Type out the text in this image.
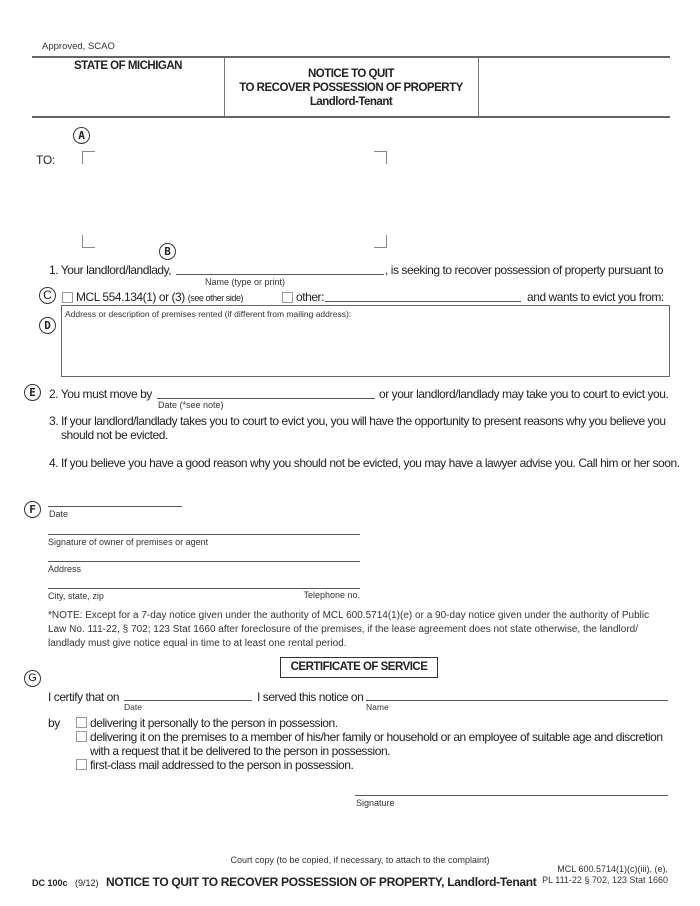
Approved, SCAO
STATE OF MICHIGAN
NOTICE TO QUIT
TO RECOVER POSSESSION OF PROPERTY
Landlord-Tenant
A
TO:
B
1. Your landlord/landlady,
Name (type or print)
, is seeking to recover possession of property pursuant to
C	MCL 554.134(1) or (3) (see other side)	other:	and wants to evict you from:
D
Address or description of premises rented (if different from mailing address):
E	2. You must move by
Date (*see note)
or your landlord/landlady may take you to court to evict you.
3. If your landlord/landlady takes you to court to evict you, you will have the opportunity to present reasons why you believe you
should not be evicted.
4. If you believe you have a good reason why you should not be evicted, you may have a lawyer advise you. Call him or her soon.
F	Date
Signature of owner of premises or agent
Address
City, state, zip	Telephone no.
*NOTE: Except for a 7-day notice given under the authority of MCL 600.5714(1)(e) or a 90-day notice given under the authority of Public
Law No. 111-22, § 702; 123 Stat 1660 after foreclosure of the premises, if the lease agreement does not state otherwise, the landlord/
landlady must give notice equal in time to at least one rental period.
CERTIFICATE OF SERVICE
G
I certify that on
Date
I served this notice on
Name
by	delivering it personally to the person in possession.
delivering it on the premises to a member of his/her family or household or an employee of suitable age and discretion
with a request that it be delivered to the person in possession.
first-class mail addressed to the person in possession.
Signature
Court copy (to be copied, if necessary, to attach to the complaint)
DC 100c (9/12) NOTICE TO QUIT TO RECOVER POSSESSION OF PROPERTY, Landlord-Tenant
MCL 600.5714(1)(c)(iii), (e),
PL 111-22 § 702, 123 Stat 1660
